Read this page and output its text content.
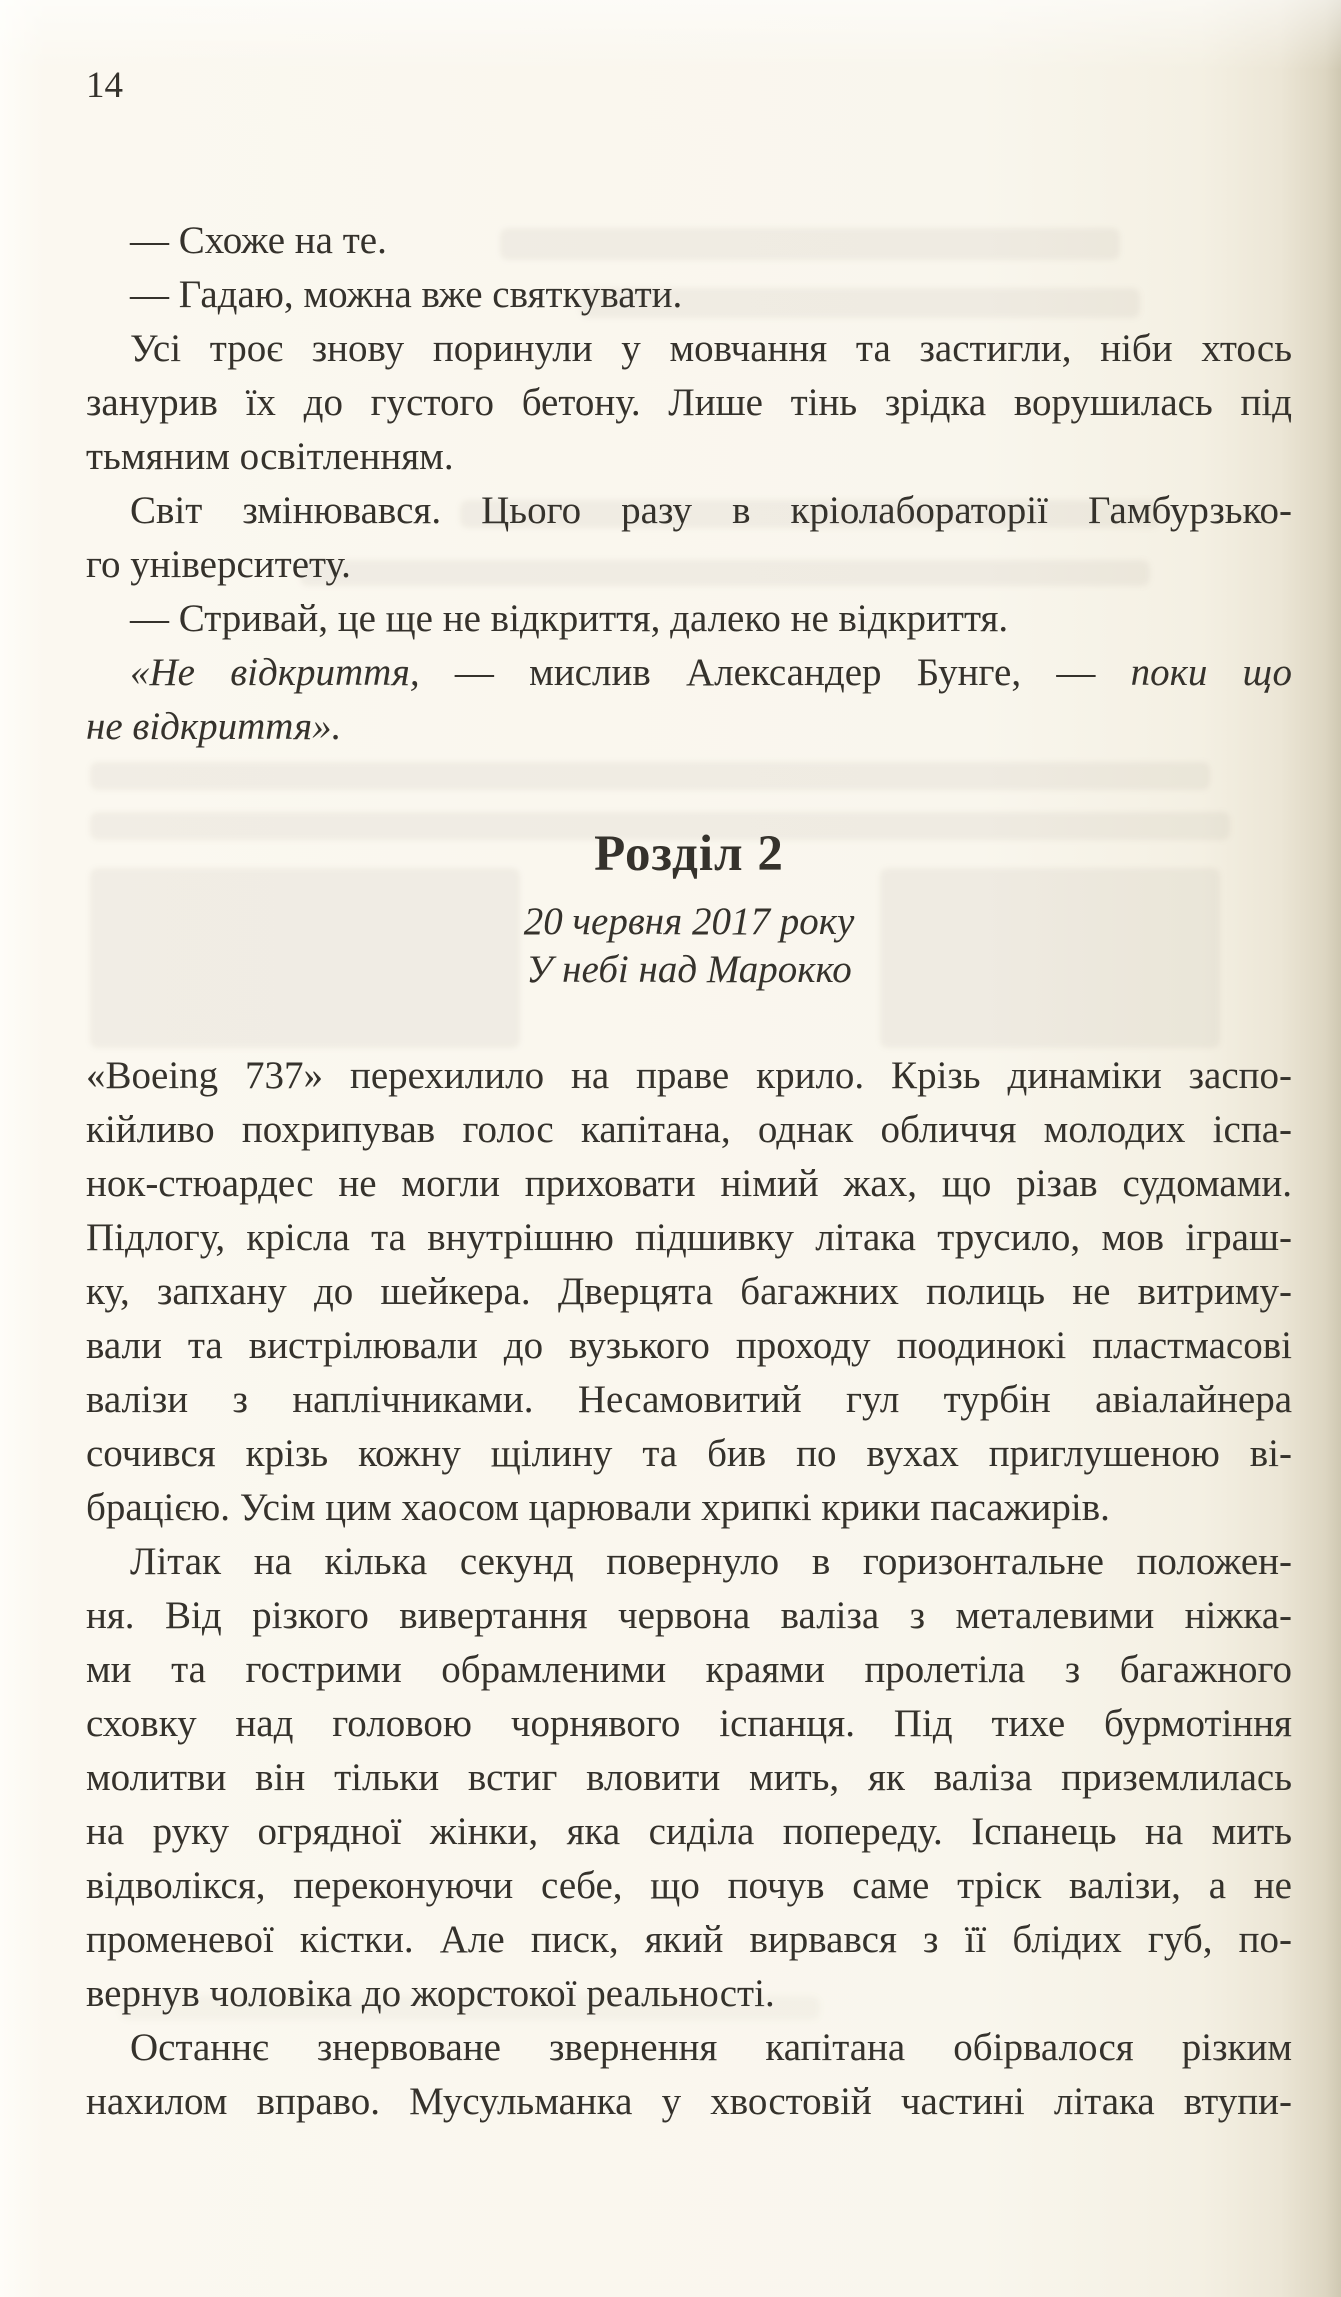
14
— Схоже на те.
— Гадаю, можна вже святкувати.
Усі троє знову поринули у мовчання та застигли, ніби хтось
занурив їх до густого бетону. Лише тінь зрідка ворушилась під
тьмяним освітленням.
Світ змінювався. Цього разу в кріолабораторії Гамбурзько-
го університету.
— Стривай, це ще не відкриття, далеко не відкриття.
«Не відкриття, — мислив Александер Бунге, — поки що
не відкриття».
Розділ 2
20 червня 2017 року
У небі над Марокко
«Boeing 737» перехилило на праве крило. Крізь динаміки заспо-
кійливо похрипував голос капітана, однак обличчя молодих іспа-
нок-стюардес не могли приховати німий жах, що різав судомами.
Підлогу, крісла та внутрішню підшивку літака трусило, мов іграш-
ку, запхану до шейкера. Дверцята багажних полиць не витриму-
вали та вистрілювали до вузького проходу поодинокі пластмасові
валізи з наплічниками. Несамовитий гул турбін авіалайнера
сочився крізь кожну щілину та бив по вухах приглушеною ві-
брацією. Усім цим хаосом царювали хрипкі крики пасажирів.
Літак на кілька секунд повернуло в горизонтальне положен-
ня. Від різкого вивертання червона валіза з металевими ніжка-
ми та гострими обрамленими краями пролетіла з багажного
сховку над головою чорнявого іспанця. Під тихе бурмотіння
молитви він тільки встиг вловити мить, як валіза приземлилась
на руку огрядної жінки, яка сиділа попереду. Іспанець на мить
відволікся, переконуючи себе, що почув саме тріск валізи, а не
променевої кістки. Але писк, який вирвався з її блідих губ, по-
вернув чоловіка до жорстокої реальності.
Останнє знервоване звернення капітана обірвалося різким
нахилом вправо. Мусульманка у хвостовій частині літака втупи-
